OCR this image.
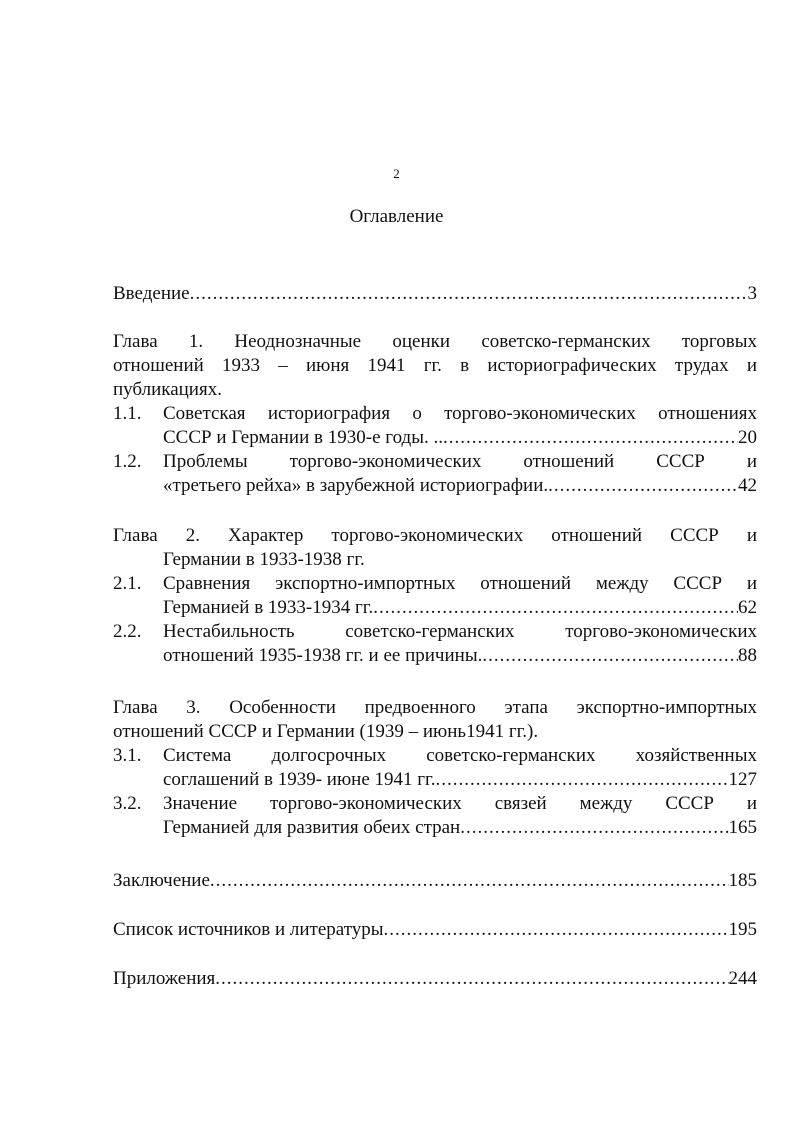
2
Оглавление
Введение .....	3
Глава 1. Неоднозначные оценки советско-германских торговых
отношений 1933 – июня 1941 гг. в историографических трудах и
публикациях.
1.1. Советская историография о торгово-экономических отношениях
СССР и Германии в 1930-е годы. .. .....	20
1.2. Проблемы торгово-экономических отношений СССР и
«третьего рейха» в зарубежной историографии. .....	42
Глава 2. Характер торгово-экономических отношений СССР и
Германии в 1933-1938 гг.
2.1. Сравнения экспортно-импортных отношений между СССР и
Германией в 1933-1934 гг. .....	62
2.2. Нестабильность советско-германских торгово-экономических
отношений 1935-1938 гг. и ее причины. .....	88
Глава 3. Особенности предвоенного этапа экспортно-импортных
отношений СССР и Германии (1939 – июнь1941 гг.).
3.1. Система долгосрочных советско-германских хозяйственных
соглашений в 1939- июне 1941 гг. .....	127
3.2. Значение торгово-экономических связей между СССР и
Германией для развития обеих стран .....	165
Заключение .....	185
Список источников и литературы .....	195
Приложения .....	244
